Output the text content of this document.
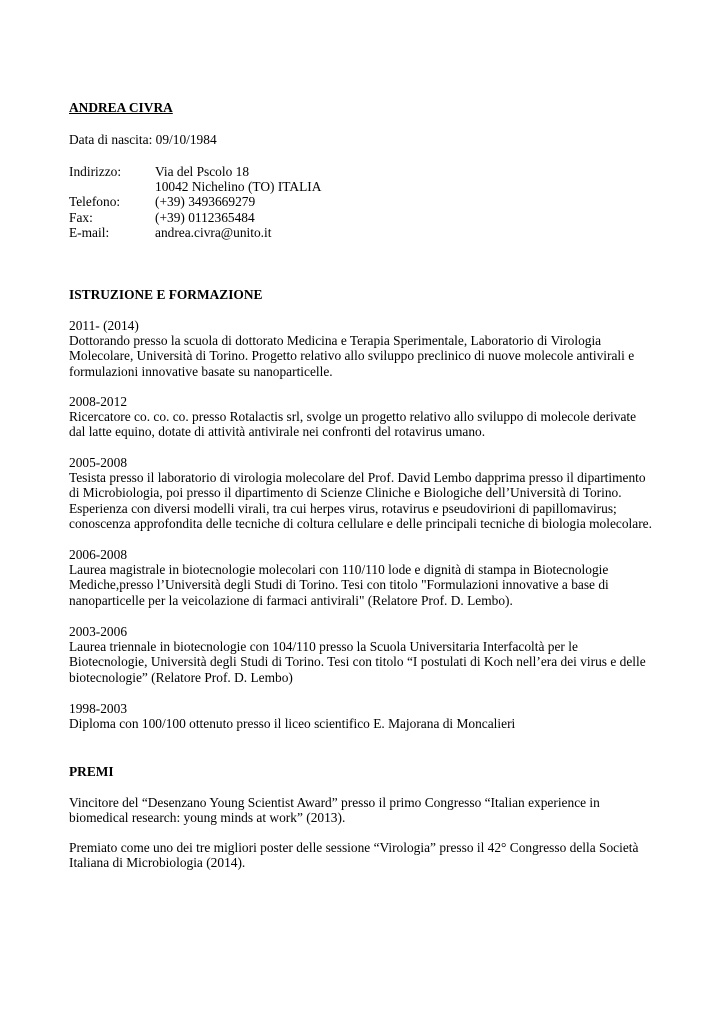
ANDREA CIVRA
Data di nascita: 09/10/1984
Indirizzo:	Via del Pscolo 18
10042 Nichelino (TO) ITALIA
Telefono:	(+39) 3493669279
Fax:	(+39) 0112365484
E-mail:	andrea.civra@unito.it
ISTRUZIONE E FORMAZIONE

2011- (2014)

Dottorando presso la scuola di dottorato Medicina e Terapia Sperimentale, Laboratorio di Virologia

Molecolare, Università di Torino. Progetto relativo allo sviluppo preclinico di nuove molecole antivirali e

formulazioni innovative basate su nanoparticelle.

2008-2012

Ricercatore co. co. co. presso Rotalactis srl, svolge un progetto relativo allo sviluppo di molecole derivate

dal latte equino, dotate di attività antivirale nei confronti del rotavirus umano.

2005-2008

Tesista presso il laboratorio di virologia molecolare del Prof. David Lembo dapprima presso il dipartimento

di Microbiologia, poi presso il dipartimento di Scienze Cliniche e Biologiche dell’Università di Torino.

Esperienza con diversi modelli virali, tra cui herpes virus, rotavirus e pseudovirioni di papillomavirus;

conoscenza approfondita delle tecniche di coltura cellulare e delle principali tecniche di biologia molecolare.

2006-2008

Laurea magistrale in biotecnologie molecolari con 110/110 lode e dignità di stampa in Biotecnologie

Mediche,presso l’Università degli Studi di Torino. Tesi con titolo "Formulazioni innovative a base di

nanoparticelle per la veicolazione di farmaci antivirali" (Relatore Prof. D. Lembo).

2003-2006

Laurea triennale in biotecnologie con 104/110 presso la Scuola Universitaria Interfacoltà per le

Biotecnologie, Università degli Studi di Torino. Tesi con titolo “I postulati di Koch nell’era dei virus e delle

biotecnologie” (Relatore Prof. D. Lembo)

1998-2003

Diploma con 100/100 ottenuto presso il liceo scientifico E. Majorana di Moncalieri

PREMI

Vincitore del “Desenzano Young Scientist Award” presso il primo Congresso “Italian experience in

biomedical research: young minds at work” (2013).

Premiato come uno dei tre migliori poster delle sessione “Virologia” presso il 42° Congresso della Società

Italiana di Microbiologia (2014).
